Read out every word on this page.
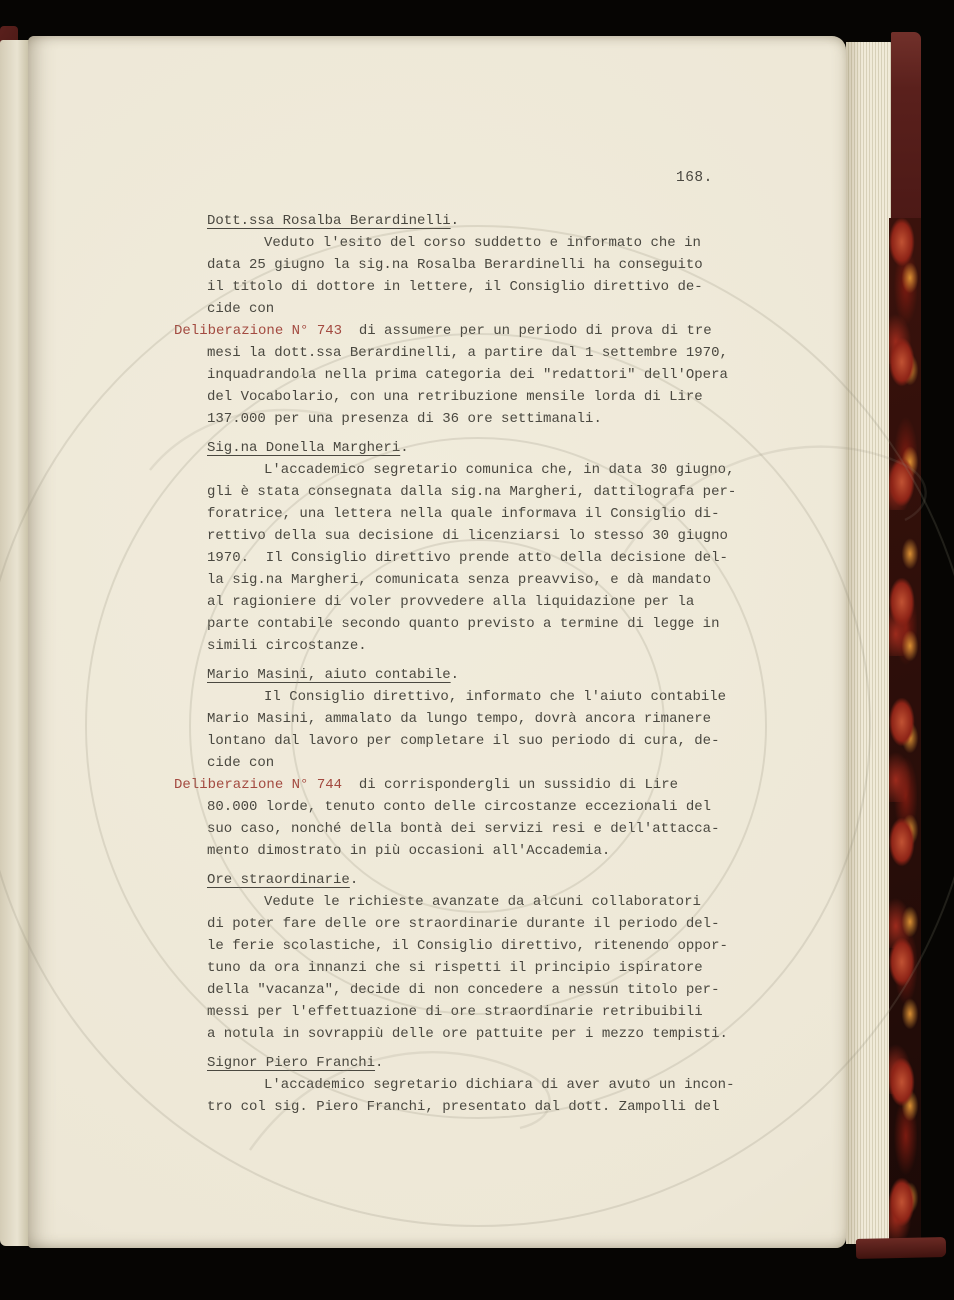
168.
Dott.ssa Rosalba Berardinelli.
Veduto l'esito del corso suddetto e informato che in
data 25 giugno la sig.na Rosalba Berardinelli ha conseguito
il titolo di dottore in lettere, il Consiglio direttivo de-
cide con
Deliberazione N° 743  di assumere per un periodo di prova di tre
mesi la dott.ssa Berardinelli, a partire dal 1 settembre 1970,
inquadrandola nella prima categoria dei "redattori" dell'Opera
del Vocabolario, con una retribuzione mensile lorda di Lire
137.000 per una presenza di 36 ore settimanali.
Sig.na Donella Margheri.
L'accademico segretario comunica che, in data 30 giugno,
gli è stata consegnata dalla sig.na Margheri, dattilografa per-
foratrice, una lettera nella quale informava il Consiglio di-
rettivo della sua decisione di licenziarsi lo stesso 30 giugno
1970.  Il Consiglio direttivo prende atto della decisione del-
la sig.na Margheri, comunicata senza preavviso, e dà mandato
al ragioniere di voler provvedere alla liquidazione per la
parte contabile secondo quanto previsto a termine di legge in
simili circostanze.
Mario Masini, aiuto contabile.
Il Consiglio direttivo, informato che l'aiuto contabile
Mario Masini, ammalato da lungo tempo, dovrà ancora rimanere
lontano dal lavoro per completare il suo periodo di cura, de-
cide con
Deliberazione N° 744  di corrispondergli un sussidio di Lire
80.000 lorde, tenuto conto delle circostanze eccezionali del
suo caso, nonché della bontà dei servizi resi e dell'attacca-
mento dimostrato in più occasioni all'Accademia.
Ore straordinarie.
Vedute le richieste avanzate da alcuni collaboratori
di poter fare delle ore straordinarie durante il periodo del-
le ferie scolastiche, il Consiglio direttivo, ritenendo oppor-
tuno da ora innanzi che si rispetti il principio ispiratore
della "vacanza", decide di non concedere a nessun titolo per-
messi per l'effettuazione di ore straordinarie retribuibili
a notula in sovrappiù delle ore pattuite per i mezzo tempisti.
Signor Piero Franchi.
L'accademico segretario dichiara di aver avuto un incon-
tro col sig. Piero Franchi, presentato dal dott. Zampolli del
